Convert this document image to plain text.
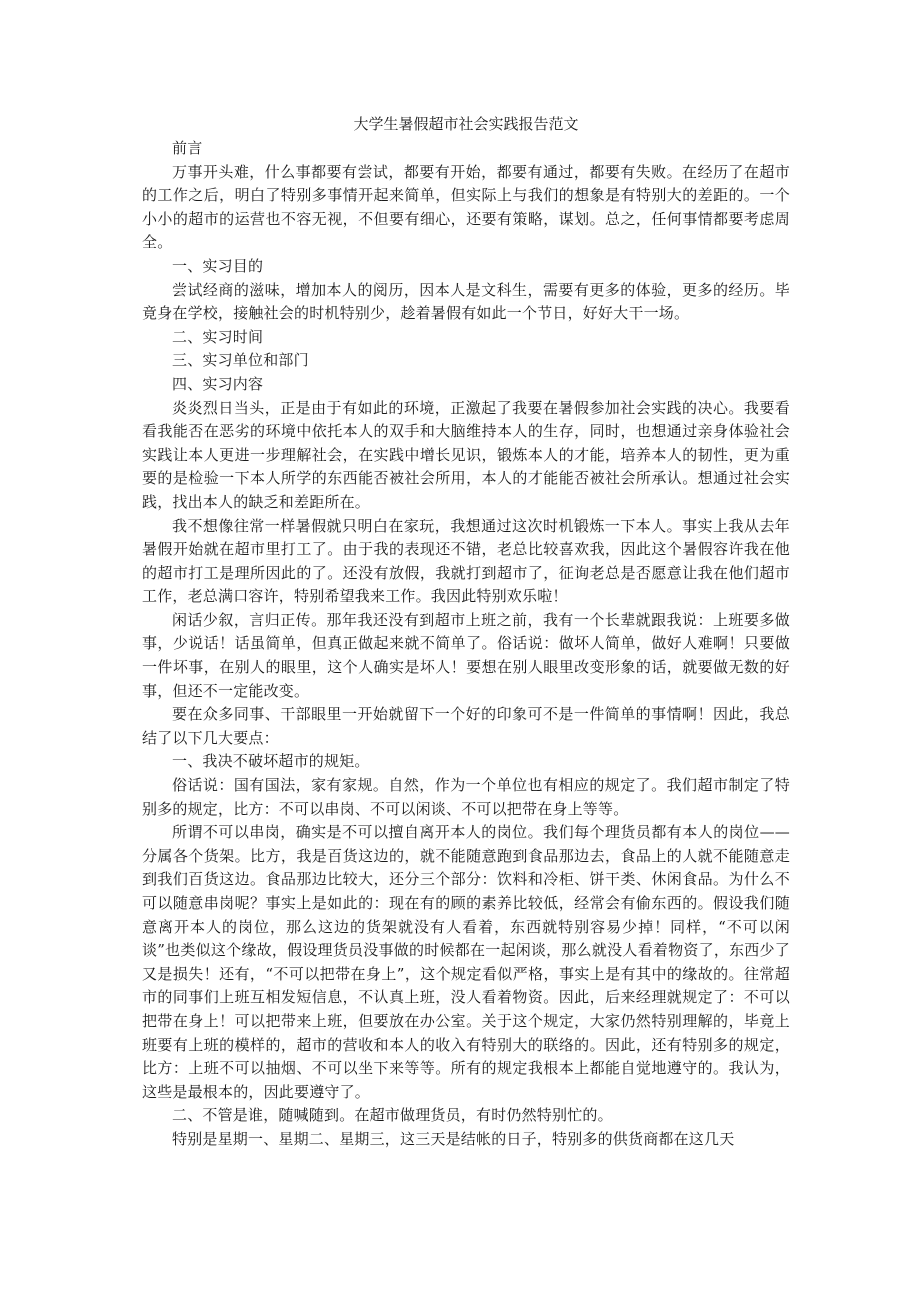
大学生暑假超市社会实践报告范文

前言

万事开头难，什么事都要有尝试，都要有开始，都要有通过，都要有失败。在经历了在超市的工作之后，明白了特别多事情开起来简单，但实际上与我们的想象是有特别大的差距的。一个小小的超市的运营也不容无视，不但要有细心，还要有策略，谋划。总之，任何事情都要考虑周全。

一、实习目的

尝试经商的滋味，增加本人的阅历，因本人是文科生，需要有更多的体验，更多的经历。毕竟身在学校，接触社会的时机特别少，趁着暑假有如此一个节日，好好大干一场。

二、实习时间

三、实习单位和部门

四、实习内容

炎炎烈日当头，正是由于有如此的环境，正激起了我要在暑假参加社会实践的决心。我要看看我能否在恶劣的环境中依托本人的双手和大脑维持本人的生存，同时，也想通过亲身体验社会实践让本人更进一步理解社会，在实践中增长见识，锻炼本人的才能，培养本人的韧性，更为重要的是检验一下本人所学的东西能否被社会所用，本人的才能能否被社会所承认。想通过社会实践，找出本人的缺乏和差距所在。

我不想像往常一样暑假就只明白在家玩，我想通过这次时机锻炼一下本人。事实上我从去年暑假开始就在超市里打工了。由于我的表现还不错，老总比较喜欢我，因此这个暑假容许我在他的超市打工是理所因此的了。还没有放假，我就打到超市了，征询老总是否愿意让我在他们超市工作，老总满口容许，特别希望我来工作。我因此特别欢乐啦！

闲话少叙，言归正传。那年我还没有到超市上班之前，我有一个长辈就跟我说：上班要多做事，少说话！话虽简单，但真正做起来就不简单了。俗话说：做坏人简单，做好人难啊！只要做一件坏事，在别人的眼里，这个人确实是坏人！要想在别人眼里改变形象的话，就要做无数的好事，但还不一定能改变。

要在众多同事、干部眼里一开始就留下一个好的印象可不是一件简单的事情啊！因此，我总结了以下几大要点：

一、我决不破坏超市的规矩。

俗话说：国有国法，家有家规。自然，作为一个单位也有相应的规定了。我们超市制定了特别多的规定，比方：不可以串岗、不可以闲谈、不可以把带在身上等等。

所谓不可以串岗，确实是不可以擅自离开本人的岗位。我们每个理货员都有本人的岗位——分属各个货架。比方，我是百货这边的，就不能随意跑到食品那边去，食品上的人就不能随意走到我们百货这边。食品那边比较大，还分三个部分：饮料和冷柜、饼干类、休闲食品。为什么不可以随意串岗呢？事实上是如此的：现在有的顾的素养比较低，经常会有偷东西的。假设我们随意离开本人的岗位，那么这边的货架就没有人看着，东西就特别容易少掉！同样，“不可以闲谈”也类似这个缘故，假设理货员没事做的时候都在一起闲谈，那么就没人看着物资了，东西少了又是损失！还有，“不可以把带在身上”，这个规定看似严格，事实上是有其中的缘故的。往常超市的同事们上班互相发短信息，不认真上班，没人看着物资。因此，后来经理就规定了：不可以把带在身上！可以把带来上班，但要放在办公室。关于这个规定，大家仍然特别理解的，毕竟上班要有上班的模样的，超市的营收和本人的收入有特别大的联络的。因此，还有特别多的规定，比方：上班不可以抽烟、不可以坐下来等等。所有的规定我根本上都能自觉地遵守的。我认为，这些是最根本的，因此要遵守了。

二、不管是谁，随喊随到。在超市做理货员，有时仍然特别忙的。

特别是星期一、星期二、星期三，这三天是结帐的日子，特别多的供货商都在这几天
